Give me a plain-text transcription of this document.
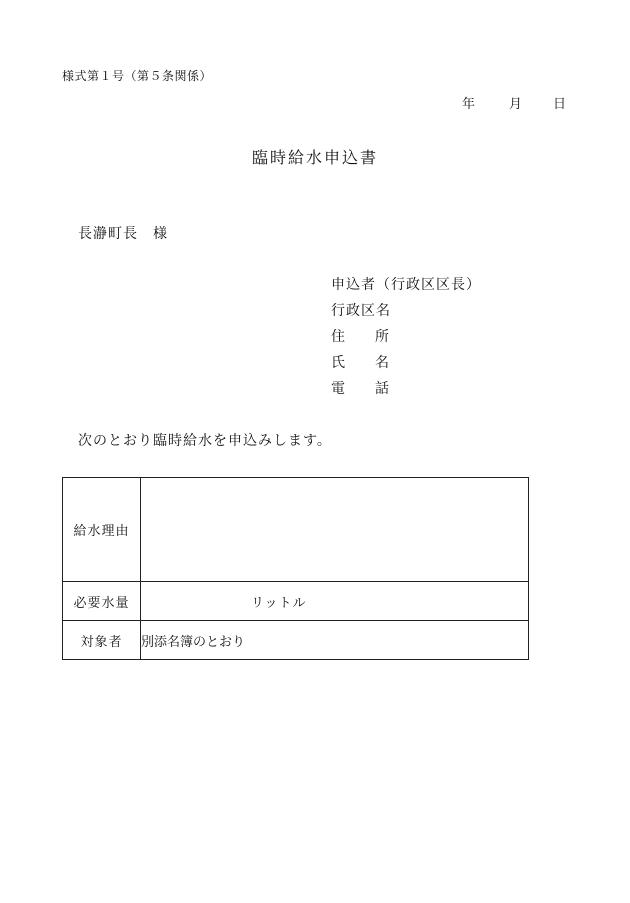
様式第１号（第５条関係）
年	月 日
臨時給水申込書
長瀞町長　様
申込者（行政区区長）
行政区名
住 所
氏 名
電 話
次のとおり臨時給水を申込みします。
給水理由	
必要水量	リットル
対象者	別添名簿のとおり
